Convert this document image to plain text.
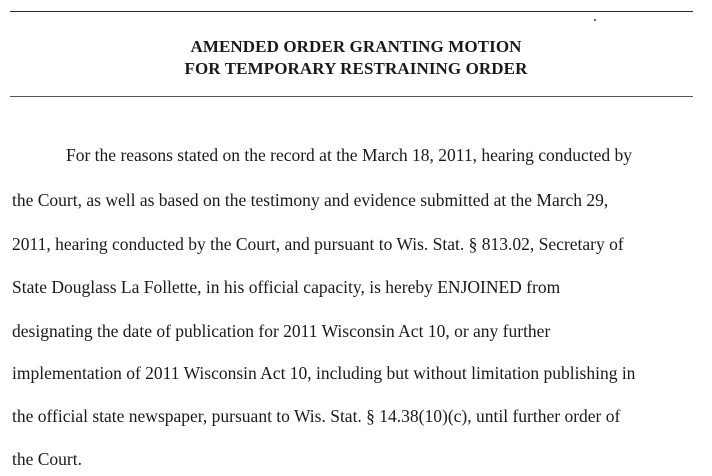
AMENDED ORDER GRANTING MOTION
FOR TEMPORARY RESTRAINING ORDER
For the reasons stated on the record at the March 18, 2011, hearing conducted by
the Court, as well as based on the testimony and evidence submitted at the March 29,
2011, hearing conducted by the Court, and pursuant to Wis. Stat. § 813.02, Secretary of
State Douglass La Follette, in his official capacity, is hereby ENJOINED from
designating the date of publication for 2011 Wisconsin Act 10, or any further
implementation of 2011 Wisconsin Act 10, including but without limitation publishing in
the official state newspaper, pursuant to Wis. Stat. § 14.38(10)(c), until further order of
the Court.
